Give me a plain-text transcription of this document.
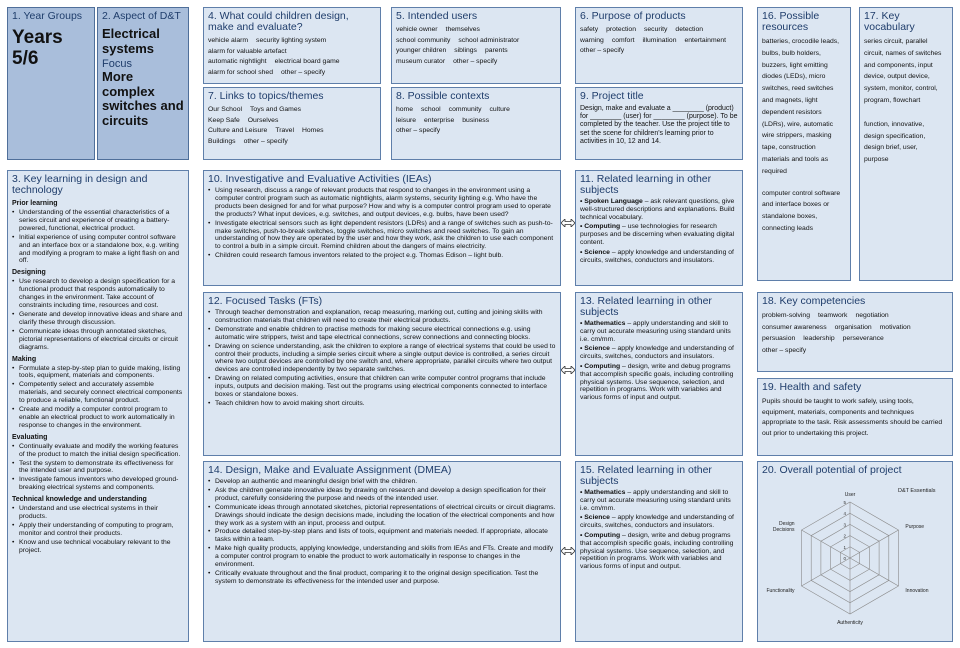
1. Year Groups
Years 5/6
2. Aspect of D&T
Electrical systems
Focus
More complex switches and circuits
4. What could children design, make and evaluate?
vehicle alarm security lighting system
alarm for valuable artefact
automatic nightlight electrical board game
alarm for school shed other – specify
5. Intended users
vehicle owner themselves
school community school administrator
younger children siblings parents
museum curator other – specify
6. Purpose of products
safety protection security detection
warning comfort illumination entertainment
other – specify
7. Links to topics/themes
Our School Toys and Games
Keep Safe Ourselves
Culture and Leisure Travel Homes
Buildings other – specify
8. Possible contexts
home school community culture
leisure enterprise business
other – specify
9. Project title
Design, make and evaluate a ________ (product) for ________ (user) for ________ (purpose). To be completed by the teacher. Use the project title to set the scene for children's learning prior to activities in 10, 12 and 14.
16. Possible resources

batteries, crocodile leads,

bulbs, bulb holders,

buzzers, light emitting

diodes (LEDs), micro

switches, reed switches

and magnets, light

dependent resistors

(LDRs), wire, automatic

wire strippers, masking

tape, construction

materials and tools as

required

computer control software

and interface boxes or

standalone boxes,

connecting leads

17. Key vocabulary

series circuit, parallel

circuit, names of switches

and components, input

device, output device,

system, monitor, control,

program, flowchart

function, innovative,

design specification,

design brief, user,

purpose

3. Key learning in design and technology
Prior learning
• Understanding of the essential characteristics of a series circuit and experience of creating a battery-powered, functional, electrical product.
• Initial experience of using computer control software and an interface box or a standalone box, e.g. writing and modifying a program to make a light flash on and off.
Designing
• Use research to develop a design specification for a functional product that responds automatically to changes in the environment. Take account of constraints including time, resources and cost.
• Generate and develop innovative ideas and share and clarify these through discussion.
• Communicate ideas through annotated sketches, pictorial representations of electrical circuits or circuit diagrams.
Making
• Formulate a step-by-step plan to guide making, listing tools, equipment, materials and components.
• Competently select and accurately assemble materials, and securely connect electrical components to produce a reliable, functional product.
• Create and modify a computer control program to enable an electrical product to work automatically in response to changes in the environment.
Evaluating
• Continually evaluate and modify the working features of the product to match the initial design specification.
• Test the system to demonstrate its effectiveness for the intended user and purpose.
• Investigate famous inventors who developed ground-breaking electrical systems and components.
Technical knowledge and understanding
• Understand and use electrical systems in their products.
• Apply their understanding of computing to program, monitor and control their products.
• Know and use technical vocabulary relevant to the project.
10. Investigative and Evaluative Activities (IEAs)
• Using research, discuss a range of relevant products that respond to changes in the environment using a computer control program such as automatic nightlights, alarm systems, security lighting e.g. Who have the products been designed for and for what purpose? How and why is a computer control program used to operate the products? What input devices, e.g. switches, and output devices, e.g. bulbs, have been used?
• Investigate electrical sensors such as light dependent resistors (LDRs) and a range of switches such as push-to-make switches, push-to-break switches, toggle switches, micro switches and reed switches. To gain an understanding of how they are operated by the user and how they work, ask the children to use each component to control a bulb in a simple circuit. Remind children about the dangers of mains electricity.
• Children could research famous inventors related to the project e.g. Thomas Edison – light bulb.
11. Related learning in other subjects

• Spoken Language – ask relevant questions, give well-structured descriptions and explanations. Build technical vocabulary.

• Computing – use technologies for research purposes and be discerning when evaluating digital content.

• Science – apply knowledge and understanding of circuits, switches, conductors and insulators.

12. Focused Tasks (FTs)
• Through teacher demonstration and explanation, recap measuring, marking out, cutting and joining skills with construction materials that children will need to create their electrical products.
• Demonstrate and enable children to practise methods for making secure electrical connections e.g. using automatic wire strippers, twist and tape electrical connections, screw connections and connecting blocks.
• Drawing on science understanding, ask the children to explore a range of electrical systems that could be used to control their products, including a simple series circuit where a single output device is controlled, a series circuit where two output devices are controlled by one switch and, where appropriate, parallel circuits where two output devices are controlled independently by two separate switches.
• Drawing on related computing activities, ensure that children can write computer control programs that include inputs, outputs and decision making. Test out the programs using electrical components connected to interface boxes or standalone boxes.
• Teach children how to avoid making short circuits.
13. Related learning in other subjects

• Mathematics – apply understanding and skill to carry out accurate measuring using standard units i.e. cm/mm.

• Science – apply knowledge and understanding of circuits, switches, conductors and insulators.

• Computing – design, write and debug programs that accomplish specific goals, including controlling physical systems. Use sequence, selection, and repetition in programs. Work with variables and various forms of input and output.

14. Design, Make and Evaluate Assignment (DMEA)
• Develop an authentic and meaningful design brief with the children.
• Ask the children generate innovative ideas by drawing on research and develop a design specification for their product, carefully considering the purpose and needs of the intended user.
• Communicate ideas through annotated sketches, pictorial representations of electrical circuits or circuit diagrams. Drawings should indicate the design decisions made, including the location of the electrical components and how they work as a system with an input, process and output.
• Produce detailed step-by-step plans and lists of tools, equipment and materials needed. If appropriate, allocate tasks within a team.
• Make high quality products, applying knowledge, understanding and skills from IEAs and FTs. Create and modify a computer control program to enable the product to work automatically in response to changes in the environment.
• Critically evaluate throughout and the final product, comparing it to the original design specification. Test the system to demonstrate its effectiveness for the intended user and purpose.
15. Related learning in other subjects

• Mathematics – apply understanding and skill to carry out accurate measuring using standard units i.e. cm/mm.

• Science – apply knowledge and understanding of circuits, switches, conductors and insulators.

• Computing – design, write and debug programs that accomplish specific goals, including controlling physical systems. Use sequence, selection, and repetition in programs. Work with variables and various forms of input and output.

18. Key competencies
problem-solving teamwork negotiation
consumer awareness organisation motivation
persuasion leadership perseverance
other – specify
19. Health and safety
Pupils should be taught to work safely, using tools, equipment, materials, components and techniques appropriate to the task. Risk assessments should be carried out prior to undertaking this project.
20. Overall potential of project
User
Purpose
Innovation
Authenticity
Functionality
Design Decisions
0
1
2
3
4
5
D&T Essentials
